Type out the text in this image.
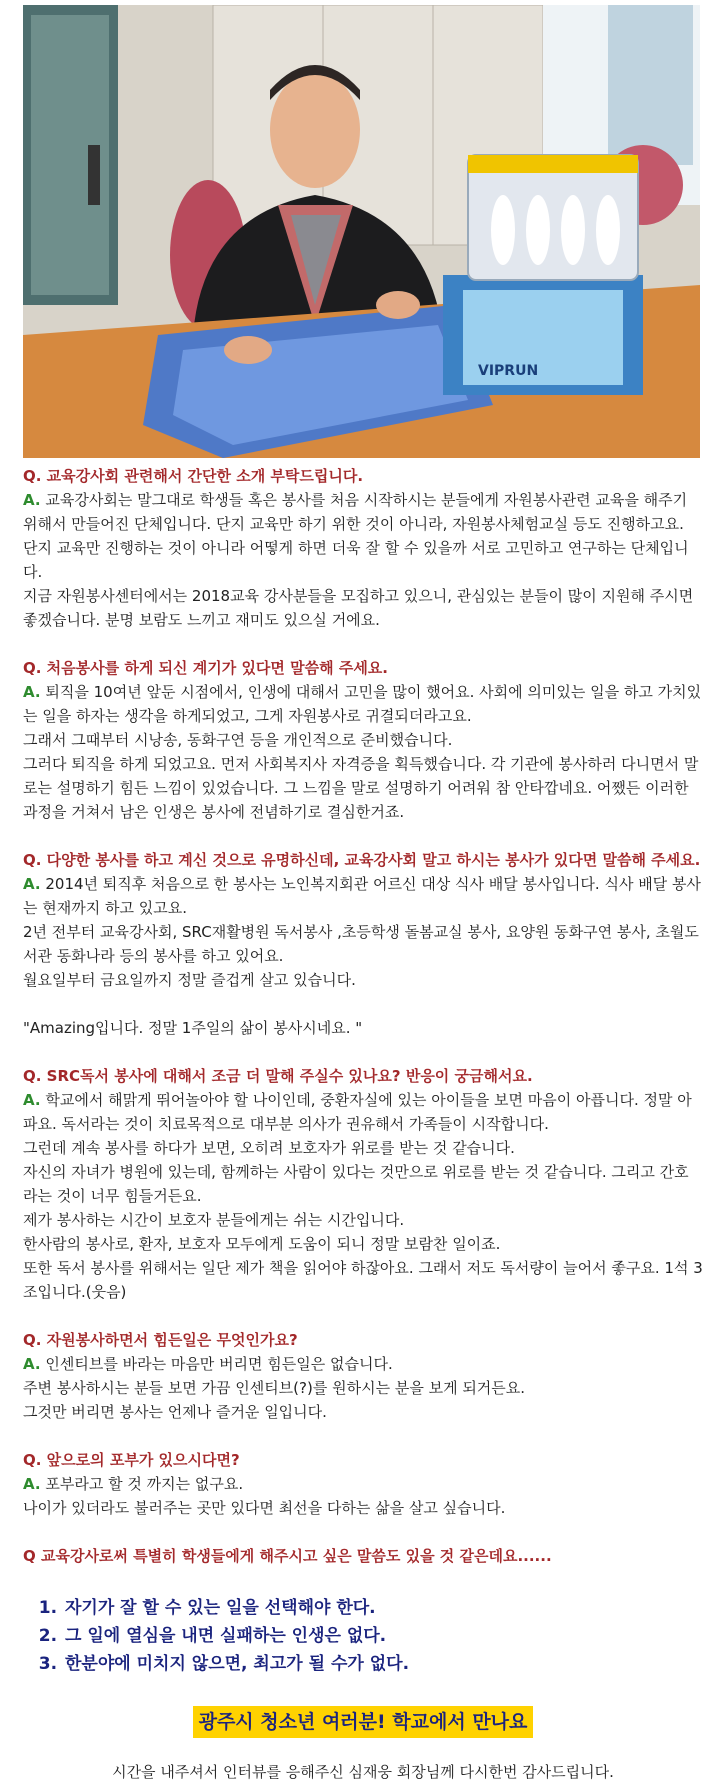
VIPRUN

Q. 교육강사회 관련해서 간단한 소개 부탁드립니다.

A. 교육강사회는 말그대로 학생들 혹은 봉사를 처음 시작하시는 분들에게 자원봉사관련 교육을 해주기 위해서 만들어진 단체입니다. 단지 교육만 하기 위한 것이 아니라, 자원봉사체험교실 등도 진행하고요.

단지 교육만 진행하는 것이 아니라 어떻게 하면 더욱 잘 할 수 있을까 서로 고민하고 연구하는 단체입니다.

지금 자원봉사센터에서는 2018교육 강사분들을 모집하고 있으니, 관심있는 분들이 많이 지원해 주시면 좋겠습니다. 분명 보람도 느끼고 재미도 있으실 거에요.

Q. 처음봉사를 하게 되신 계기가 있다면 말씀해 주세요.

A. 퇴직을 10여년 앞둔 시점에서, 인생에 대해서 고민을 많이 했어요. 사회에 의미있는 일을 하고 가치있는 일을 하자는 생각을 하게되었고, 그게 자원봉사로 귀결되더라고요.

그래서 그때부터 시낭송, 동화구연 등을 개인적으로 준비했습니다.

그러다 퇴직을 하게 되었고요. 먼저 사회복지사 자격증을 획득했습니다. 각 기관에 봉사하러 다니면서 말로는 설명하기 힘든 느낌이 있었습니다. 그 느낌을 말로 설명하기 어려워 참 안타깝네요. 어쨌든 이러한 과정을 거쳐서 남은 인생은 봉사에 전념하기로 결심한거죠.

Q. 다양한 봉사를 하고 계신 것으로 유명하신데, 교육강사회 말고 하시는 봉사가 있다면 말씀해 주세요.

A. 2014년 퇴직후 처음으로 한 봉사는 노인복지회관 어르신 대상 식사 배달 봉사입니다. 식사 배달 봉사는 현재까지 하고 있고요.

2년 전부터 교육강사회, SRC재활병원 독서봉사 ,초등학생 돌봄교실 봉사, 요양원 동화구연 봉사, 초월도서관 동화나라 등의 봉사를 하고 있어요.

월요일부터 금요일까지 정말 즐겁게 살고 있습니다.

"Amazing입니다. 정말 1주일의 삶이 봉사시네요. "

Q. SRC독서 봉사에 대해서 조금 더 말해 주실수 있나요? 반응이 궁금해서요.

A. 학교에서 해맑게 뛰어놀아야 할 나이인데, 중환자실에 있는 아이들을 보면 마음이 아픕니다. 정말 아파요. 독서라는 것이 치료목적으로 대부분 의사가 권유해서 가족들이 시작합니다.

그런데 계속 봉사를 하다가 보면, 오히려 보호자가 위로를 받는 것 같습니다.

자신의 자녀가 병원에 있는데, 함께하는 사람이 있다는 것만으로 위로를 받는 것 같습니다. 그리고 간호라는 것이 너무 힘들거든요.

제가 봉사하는 시간이 보호자 분들에게는 쉬는 시간입니다.

한사람의 봉사로, 환자, 보호자 모두에게 도움이 되니 정말 보람찬 일이죠.

또한 독서 봉사를 위해서는 일단 제가 책을 읽어야 하잖아요. 그래서 저도 독서량이 늘어서 좋구요. 1석 3조입니다.(웃음)

Q. 자원봉사하면서 힘든일은 무엇인가요?

A. 인센티브를 바라는 마음만 버리면 힘든일은 없습니다.

주변 봉사하시는 분들 보면 가끔 인센티브(?)를 원하시는 분을 보게 되거든요.

그것만 버리면 봉사는 언제나 즐거운 일입니다.

Q. 앞으로의 포부가 있으시다면?

A. 포부라고 할 것 까지는 없구요.

나이가 있더라도 불러주는 곳만 있다면 최선을 다하는 삶을 살고 싶습니다.

Q 교육강사로써 특별히 학생들에게 해주시고 싶은 말씀도 있을 것 같은데요......

1. 자기가 잘 할 수 있는 일을 선택해야 한다.
2. 그 일에 열심을 내면 실패하는 인생은 없다.
3. 한분야에 미치지 않으면, 최고가 될 수가 없다.
광주시 청소년 여러분! 학교에서 만나요

시간을 내주셔서 인터뷰를 응해주신 심재웅 회장님께 다시한번 감사드립니다.
